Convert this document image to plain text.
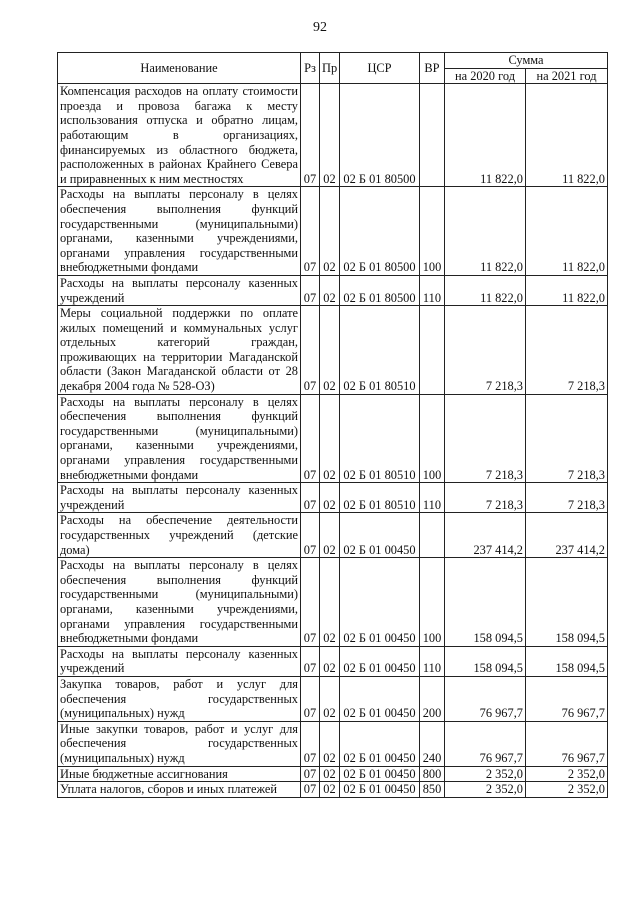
92
Наименование	Рз	Пр	ЦСР	ВР	Сумма	
					на 2020 год	на 2021 год
Компенсация расходов на оплату стоимости проезда и провоза багажа к месту использования отпуска и обратно лицам, работающим в организациях, финансируемых из областного бюджета, расположенных в районах Крайнего Севера и приравненных к ним местностях	07	02	02 Б 01 80500		11 822,0	11 822,0
Расходы на выплаты персоналу в целях обеспечения выполнения функций государственными (муниципальными) органами, казенными учреждениями, органами управления государственными внебюджетными фондами	07	02	02 Б 01 80500	100	11 822,0	11 822,0
Расходы на выплаты персоналу казенных учреждений	07	02	02 Б 01 80500	110	11 822,0	11 822,0
Меры социальной поддержки по оплате жилых помещений и коммунальных услуг отдельных категорий граждан, проживающих на территории Магаданской области (Закон Магаданской области от 28 декабря 2004 года № 528-ОЗ)	07	02	02 Б 01 80510		7 218,3	7 218,3
Расходы на выплаты персоналу в целях обеспечения выполнения функций государственными (муниципальными) органами, казенными учреждениями, органами управления государственными внебюджетными фондами	07	02	02 Б 01 80510	100	7 218,3	7 218,3
Расходы на выплаты персоналу казенных учреждений	07	02	02 Б 01 80510	110	7 218,3	7 218,3
Расходы на обеспечение деятельности государственных учреждений (детские дома)	07	02	02 Б 01 00450		237 414,2	237 414,2
Расходы на выплаты персоналу в целях обеспечения выполнения функций государственными (муниципальными) органами, казенными учреждениями, органами управления государственными внебюджетными фондами	07	02	02 Б 01 00450	100	158 094,5	158 094,5
Расходы на выплаты персоналу казенных учреждений	07	02	02 Б 01 00450	110	158 094,5	158 094,5
Закупка товаров, работ и услуг для обеспечения государственных (муниципальных) нужд	07	02	02 Б 01 00450	200	76 967,7	76 967,7
Иные закупки товаров, работ и услуг для обеспечения государственных (муниципальных) нужд	07	02	02 Б 01 00450	240	76 967,7	76 967,7
Иные бюджетные ассигнования	07	02	02 Б 01 00450	800	2 352,0	2 352,0
Уплата налогов, сборов и иных платежей	07	02	02 Б 01 00450	850	2 352,0	2 352,0
